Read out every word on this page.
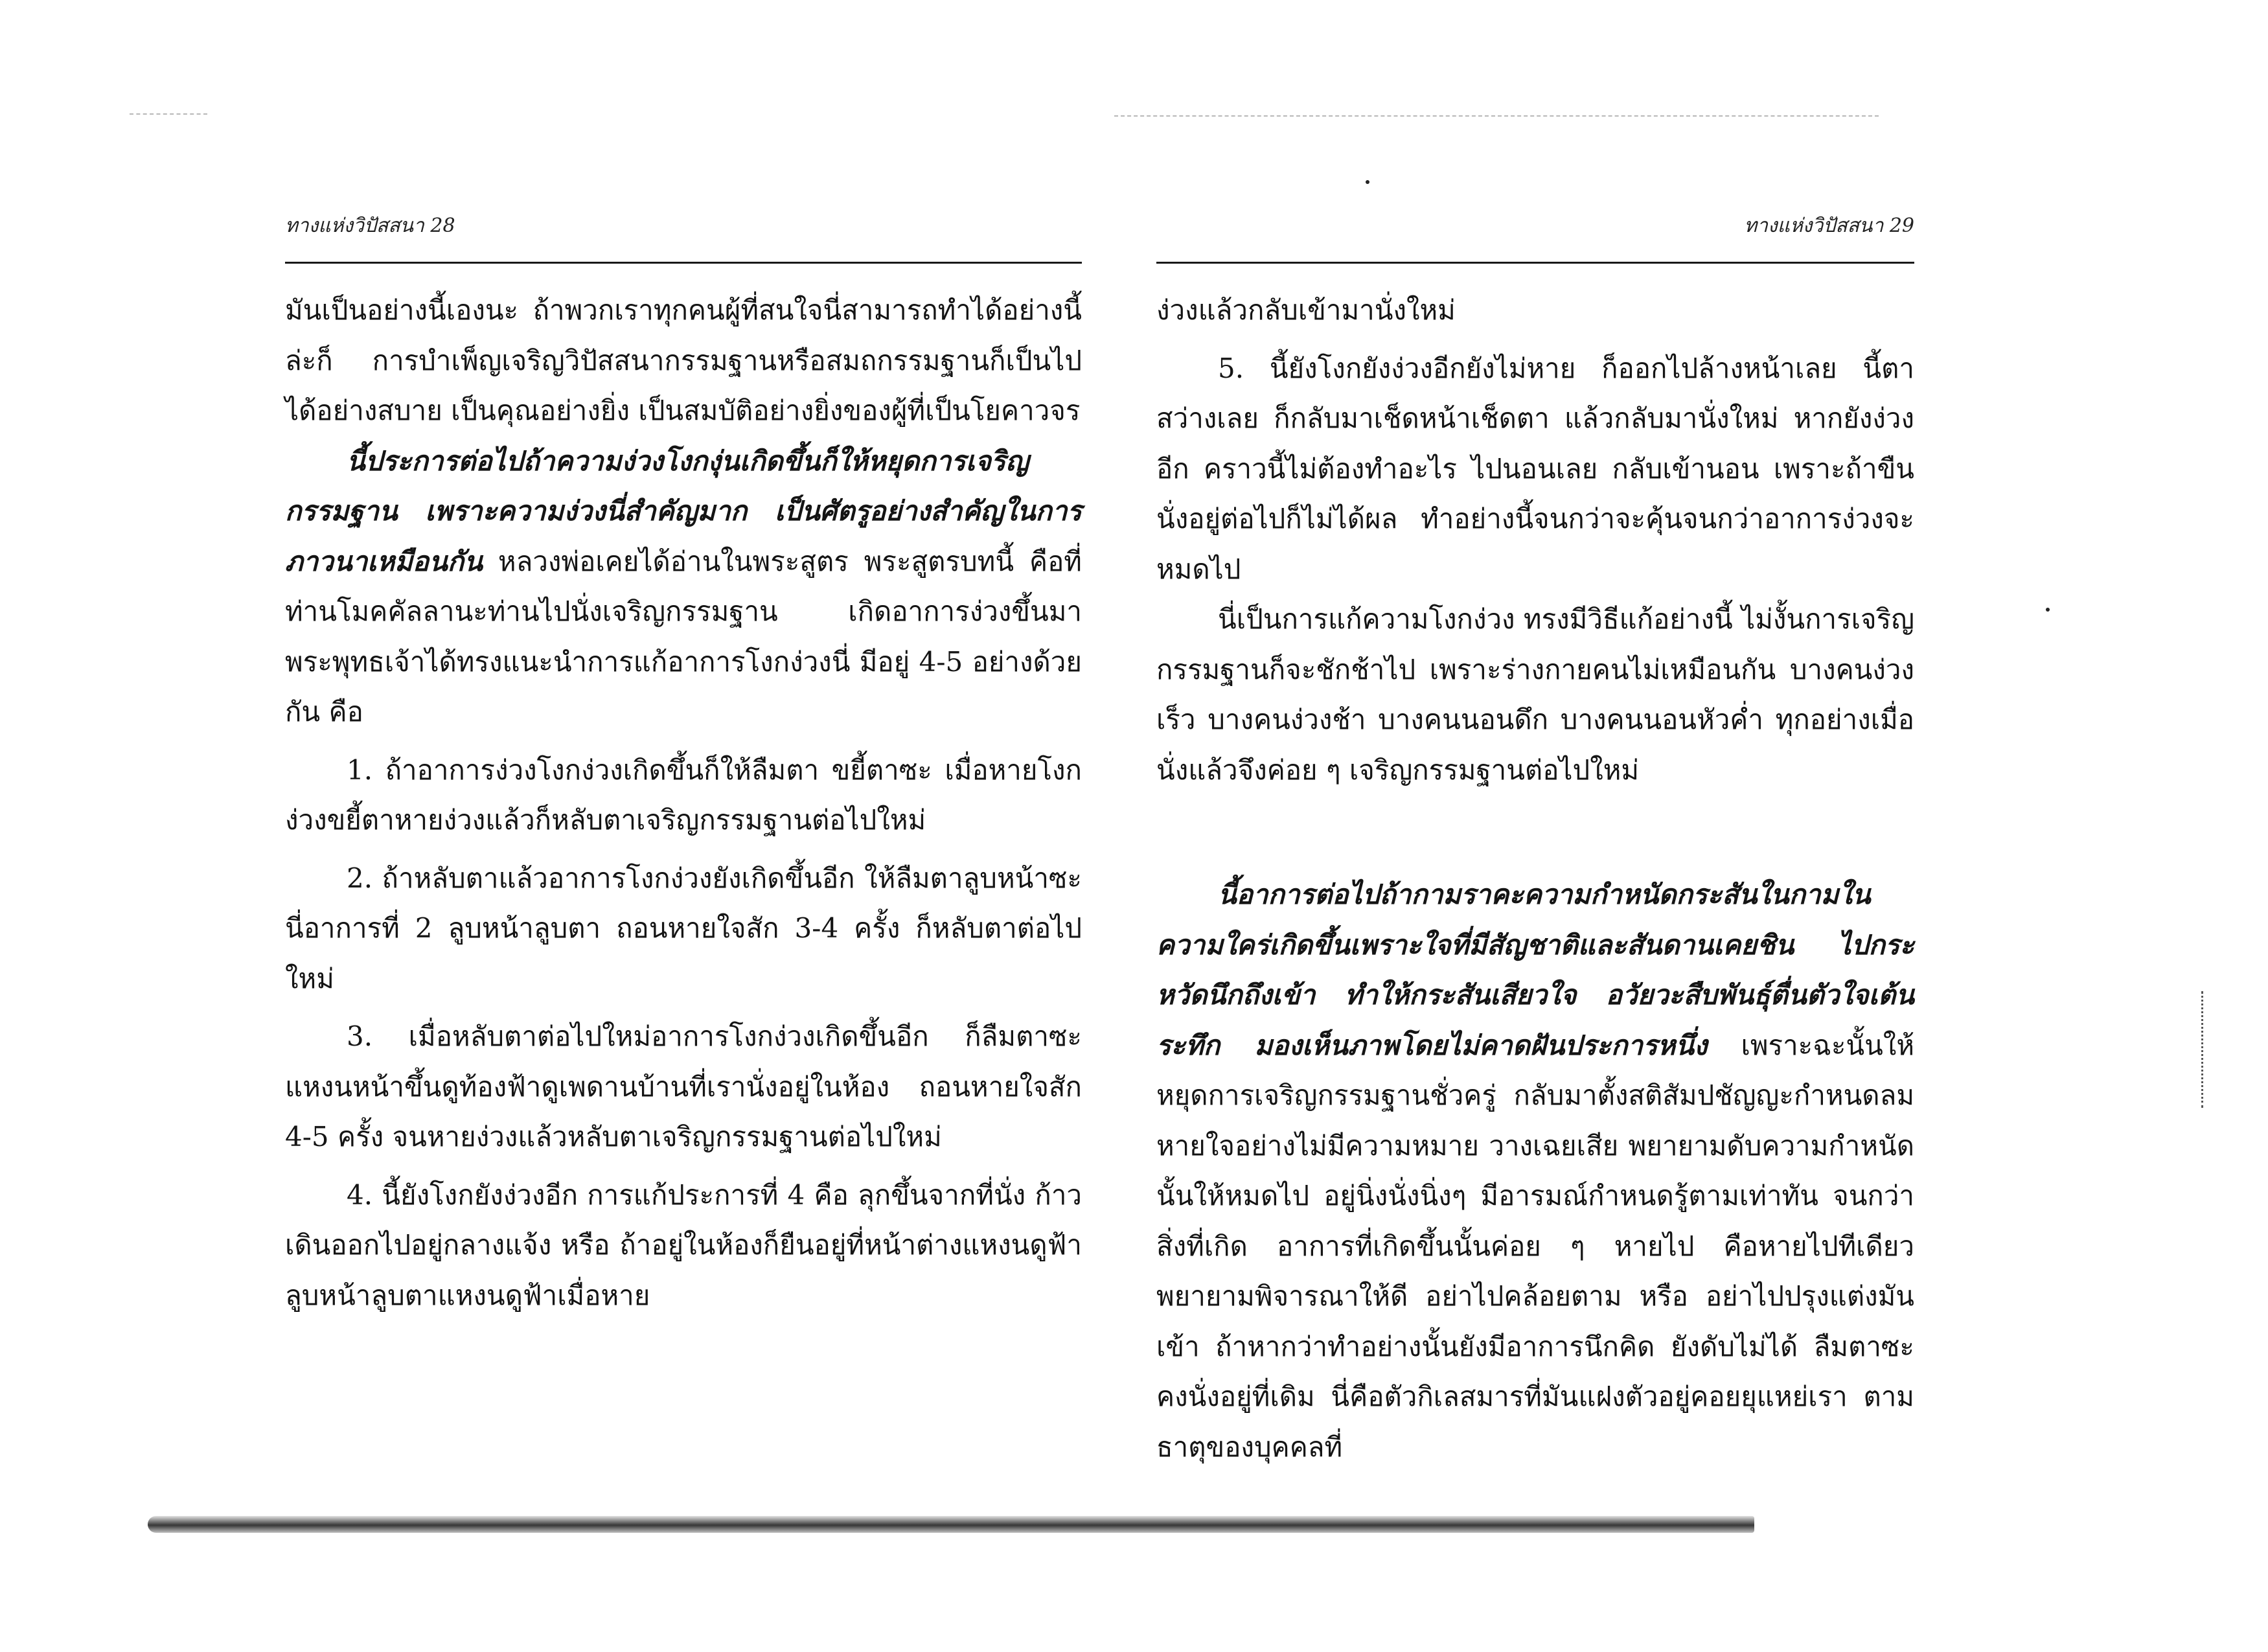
ทางแห่งวิปัสสนา 28

มันเป็นอย่างนี้เองนะ ถ้าพวกเราทุกคนผู้ที่สนใจนี่สามารถทำได้อย่างนี้ล่ะก็ การบำเพ็ญเจริญวิปัสสนากรรมฐานหรือสมถกรรมฐานก็เป็นไปได้อย่างสบาย เป็นคุณอย่างยิ่ง เป็นสมบัติอย่างยิ่งของผู้ที่เป็นโยคาวจร

นี้ประการต่อไปถ้าความง่วงโงกงุ่นเกิดขึ้นก็ให้หยุดการเจริญกรรมฐาน เพราะความง่วงนี่สำคัญมาก เป็นศัตรูอย่างสำคัญในการภาวนาเหมือนกัน หลวงพ่อเคยได้อ่านในพระสูตร พระสูตรบทนี้ คือที่ท่านโมคคัลลานะท่านไปนั่งเจริญกรรมฐาน เกิดอาการง่วงขึ้นมา พระพุทธเจ้าได้ทรงแนะนำการแก้อาการโงกง่วงนี่ มีอยู่ 4-5 อย่างด้วยกัน คือ

1. ถ้าอาการง่วงโงกง่วงเกิดขึ้นก็ให้ลืมตา ขยี้ตาซะ เมื่อหายโงกง่วงขยี้ตาหายง่วงแล้วก็หลับตาเจริญกรรมฐานต่อไปใหม่

2. ถ้าหลับตาแล้วอาการโงกง่วงยังเกิดขึ้นอีก ให้ลืมตาลูบหน้าซะ นี่อาการที่ 2 ลูบหน้าลูบตา ถอนหายใจสัก 3-4 ครั้ง ก็หลับตาต่อไปใหม่

3. เมื่อหลับตาต่อไปใหม่อาการโงกง่วงเกิดขึ้นอีก ก็ลืมตาซะแหงนหน้าขึ้นดูท้องฟ้าดูเพดานบ้านที่เรานั่งอยู่ในห้อง ถอนหายใจสัก 4-5 ครั้ง จนหายง่วงแล้วหลับตาเจริญกรรมฐานต่อไปใหม่

4. นี้ยังโงกยังง่วงอีก การแก้ประการที่ 4 คือ ลุกขึ้นจากที่นั่ง ก้าวเดินออกไปอยู่กลางแจ้ง หรือ ถ้าอยู่ในห้องก็ยืนอยู่ที่หน้าต่างแหงนดูฟ้า ลูบหน้าลูบตาแหงนดูฟ้าเมื่อหาย

ทางแห่งวิปัสสนา 29

ง่วงแล้วกลับเข้ามานั่งใหม่

5. นี้ยังโงกยังง่วงอีกยังไม่หาย ก็ออกไปล้างหน้าเลย นี้ตาสว่างเลย ก็กลับมาเช็ดหน้าเช็ดตา แล้วกลับมานั่งใหม่ หากยังง่วงอีก คราวนี้ไม่ต้องทำอะไร ไปนอนเลย กลับเข้านอน เพราะถ้าขืนนั่งอยู่ต่อไปก็ไม่ได้ผล ทำอย่างนี้จนกว่าจะคุ้นจนกว่าอาการง่วงจะหมดไป

นี่เป็นการแก้ความโงกง่วง ทรงมีวิธีแก้อย่างนี้ ไม่งั้นการเจริญกรรมฐานก็จะชักช้าไป เพราะร่างกายคนไม่เหมือนกัน บางคนง่วงเร็ว บางคนง่วงช้า บางคนนอนดึก บางคนนอนหัวค่ำ ทุกอย่างเมื่อนั่งแล้วจึงค่อย ๆ เจริญกรรมฐานต่อไปใหม่

นี้อาการต่อไปถ้ากามราคะความกำหนัดกระสันในกามในความใคร่เกิดขึ้นเพราะใจที่มีสัญชาติและสันดานเคยชิน ไปกระหวัดนึกถึงเข้า ทำให้กระสันเสียวใจ อวัยวะสืบพันธุ์ตื่นตัวใจเต้นระทึก มองเห็นภาพโดยไม่คาดฝันประการหนึ่ง เพราะฉะนั้นให้หยุดการเจริญกรรมฐานชั่วครู่ กลับมาตั้งสติสัมปชัญญะกำหนดลมหายใจอย่างไม่มีความหมาย วางเฉยเสีย พยายามดับความกำหนัดนั้นให้หมดไป อยู่นิ่งนั่งนิ่งๆ มีอารมณ์กำหนดรู้ตามเท่าทัน จนกว่าสิ่งที่เกิด อาการที่เกิดขึ้นนั้นค่อย ๆ หายไป คือหายไปทีเดียว พยายามพิจารณาให้ดี อย่าไปคล้อยตาม หรือ อย่าไปปรุงแต่งมันเข้า ถ้าหากว่าทำอย่างนั้นยังมีอาการนึกคิด ยังดับไม่ได้ ลืมตาซะคงนั่งอยู่ที่เดิม นี่คือตัวกิเลสมารที่มันแฝงตัวอยู่คอยยุแหย่เรา ตามธาตุของบุคคลที่
